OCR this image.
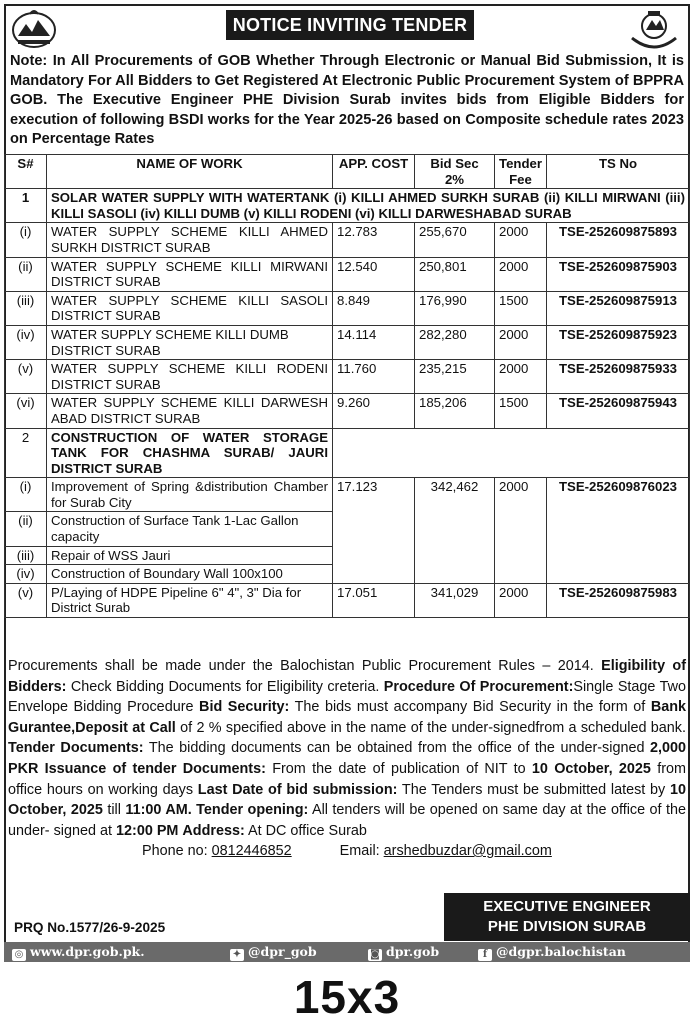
NOTICE INVITING TENDER

Note: In All Procurements of GOB Whether Through Electronic or Manual Bid Submission, It is Mandatory For All Bidders to Get Registered At Electronic Public Procurement System of BPPRA GOB. The Executive Engineer PHE Division Surab invites bids from Eligible Bidders for execution of following BSDI works for the Year 2025-26 based on Composite schedule rates 2023 on Percentage Rates

S#	NAME OF WORK	APP. COST	Bid Sec 2%	Tender Fee	TS No
1	SOLAR WATER SUPPLY WITH WATERTANK (i) KILLI AHMED SURKH SURAB (ii) KILLI MIRWANI (iii) KILLI SASOLI (iv) KILLI DUMB (v) KILLI RODENI (vi) KILLI DARWESHABAD SURAB				
(i)	WATER SUPPLY SCHEME KILLI AHMED SURKH DISTRICT SURAB	12.783	255,670	2000	TSE-252609875893
(ii)	WATER SUPPLY SCHEME KILLI MIRWANI DISTRICT SURAB	12.540	250,801	2000	TSE-252609875903
(iii)	WATER SUPPLY SCHEME KILLI SASOLI DISTRICT SURAB	8.849	176,990	1500	TSE-252609875913
(iv)	WATER SUPPLY SCHEME KILLI DUMB DISTRICT SURAB	14.114	282,280	2000	TSE-252609875923
(v)	WATER SUPPLY SCHEME KILLI RODENI DISTRICT SURAB	11.760	235,215	2000	TSE-252609875933
(vi)	WATER SUPPLY SCHEME KILLI DARWESH ABAD DISTRICT SURAB	9.260	185,206	1500	TSE-252609875943
2	CONSTRUCTION OF WATER STORAGE TANK FOR CHASHMA SURAB/ JAURI DISTRICT SURAB				
(i)	Improvement of Spring &distribution Chamber for Surab City	17.123	342,462	2000	TSE-252609876023
(ii)	Construction of Surface Tank 1-Lac Gallon capacity				
(iii)	Repair of WSS Jauri				
(iv)	Construction of Boundary Wall 100x100				
(v)	P/Laying of HDPE Pipeline 6" 4", 3" Dia for District Surab	17.051	341,029	2000	TSE-252609875983

Procurements shall be made under the Balochistan Public Procurement Rules – 2014. Eligibility of Bidders: Check Bidding Documents for Eligibility creteria. Procedure Of Procurement:Single Stage Two Envelope Bidding Procedure Bid Security: The bids must accompany Bid Security in the form of Bank Gurantee,Deposit at Call of 2 % specified above in the name of the under-signedfrom a scheduled bank. Tender Documents: The bidding documents can be obtained from the office of the under-signed 2,000 PKR Issuance of tender Documents: From the date of publication of NIT to 10 October, 2025 from office hours on working days Last Date of bid submission: The Tenders must be submitted latest by 10 October, 2025 till 11:00 AM. Tender opening: All tenders will be opened on same day at the office of the under- signed at 12:00 PM Address: At DC office Surab

Phone no: 0812446852	Email: arshedbuzdar@gmail.com
PRQ No.1577/26-9-2025
EXECUTIVE ENGINEER
PHE DIVISION SURAB
◎ www.dpr.gob.pk.	✦ @dpr_gob	◙ dpr.gob	f @dgpr.balochistan
15x3
